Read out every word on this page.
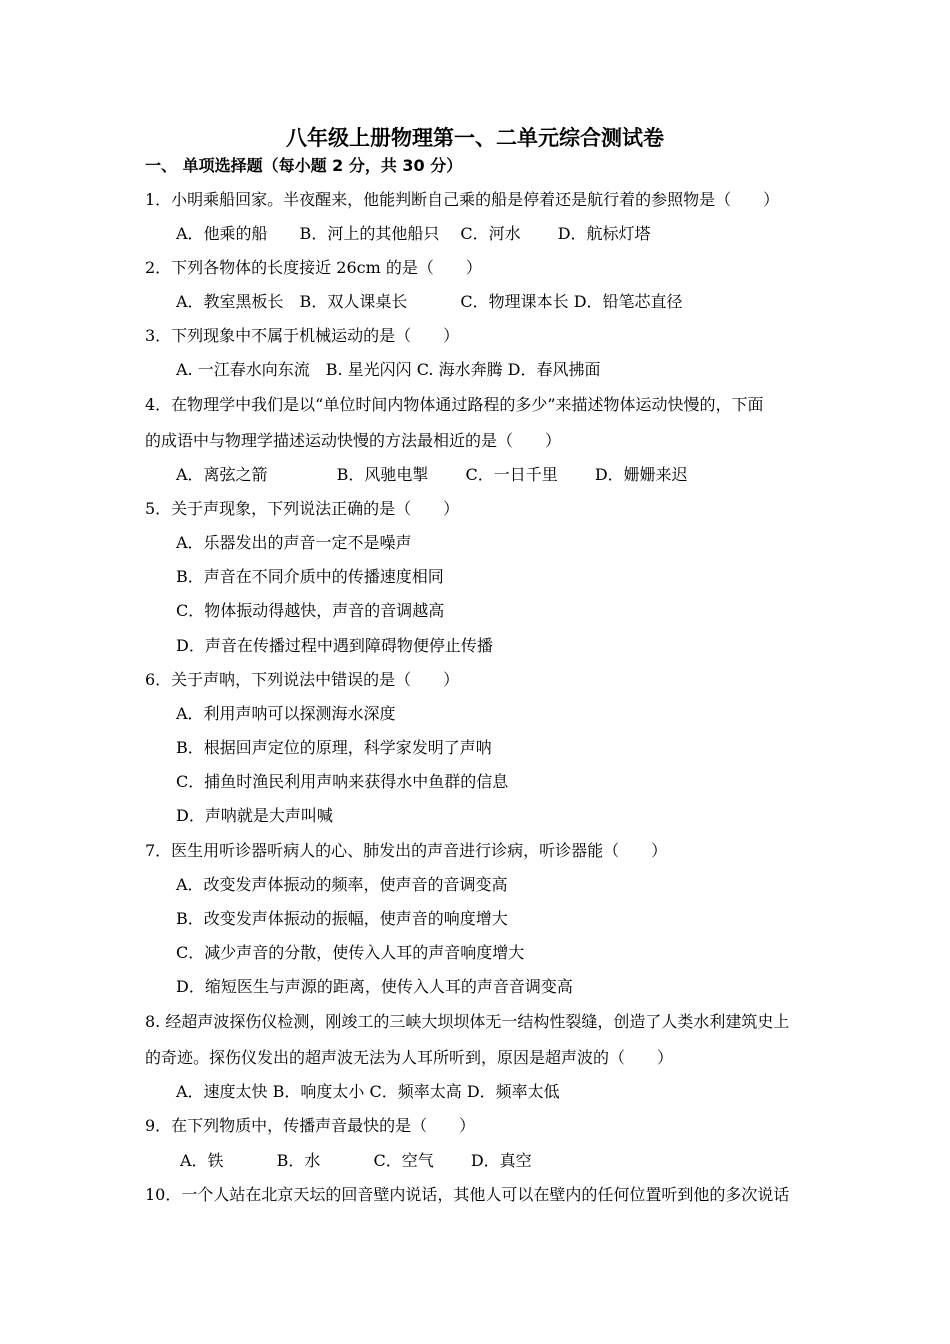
八年级上册物理第一、二单元综合测试卷
一、 单项选择题（每小题 2 分，共 30 分）
1．小明乘船回家。半夜醒来，他能判断自己乘的船是停着还是航行着的参照物是（　　）
A．他乘的船　　B．河上的其他船只　 C．河水　　 D．航标灯塔
2．下列各物体的长度接近 26cm 的是（　　）
A．教室黑板长　B．双人课桌长　　　 C．物理课本长 D．铅笔芯直径
3．下列现象中不属于机械运动的是（　　）
A. 一江春水向东流　B. 星光闪闪 C. 海水奔腾 D．春风拂面
4．在物理学中我们是以“单位时间内物体通过路程的多少”来描述物体运动快慢的，下面
的成语中与物理学描述运动快慢的方法最相近的是（　　）
A．离弦之箭　　　　 B．风驰电掣　　 C．一日千里　　 D．姗姗来迟
5．关于声现象，下列说法正确的是（　　）
A．乐器发出的声音一定不是噪声
B．声音在不同介质中的传播速度相同
C．物体振动得越快，声音的音调越高
D．声音在传播过程中遇到障碍物便停止传播
6．关于声呐，下列说法中错误的是（　　）
A．利用声呐可以探测海水深度
B．根据回声定位的原理，科学家发明了声呐
C．捕鱼时渔民利用声呐来获得水中鱼群的信息
D．声呐就是大声叫喊
7．医生用听诊器听病人的心、肺发出的声音进行诊病，听诊器能（　　）
A．改变发声体振动的频率，使声音的音调变高
B．改变发声体振动的振幅，使声音的响度增大
C．减少声音的分散，使传入人耳的声音响度增大
D．缩短医生与声源的距离，使传入人耳的声音音调变高
8. 经超声波探伤仪检测，刚竣工的三峡大坝坝体无一结构性裂缝，创造了人类水利建筑史上
的奇迹。探伤仪发出的超声波无法为人耳所听到，原因是超声波的（　　）
A．速度太快 B．响度太小 C．频率太高 D．频率太低
9．在下列物质中，传播声音最快的是（　　）
A．铁　　　 B．水　　　 C．空气　　 D．真空
10．一个人站在北京天坛的回音壁内说话，其他人可以在壁内的任何位置听到他的多次说话
